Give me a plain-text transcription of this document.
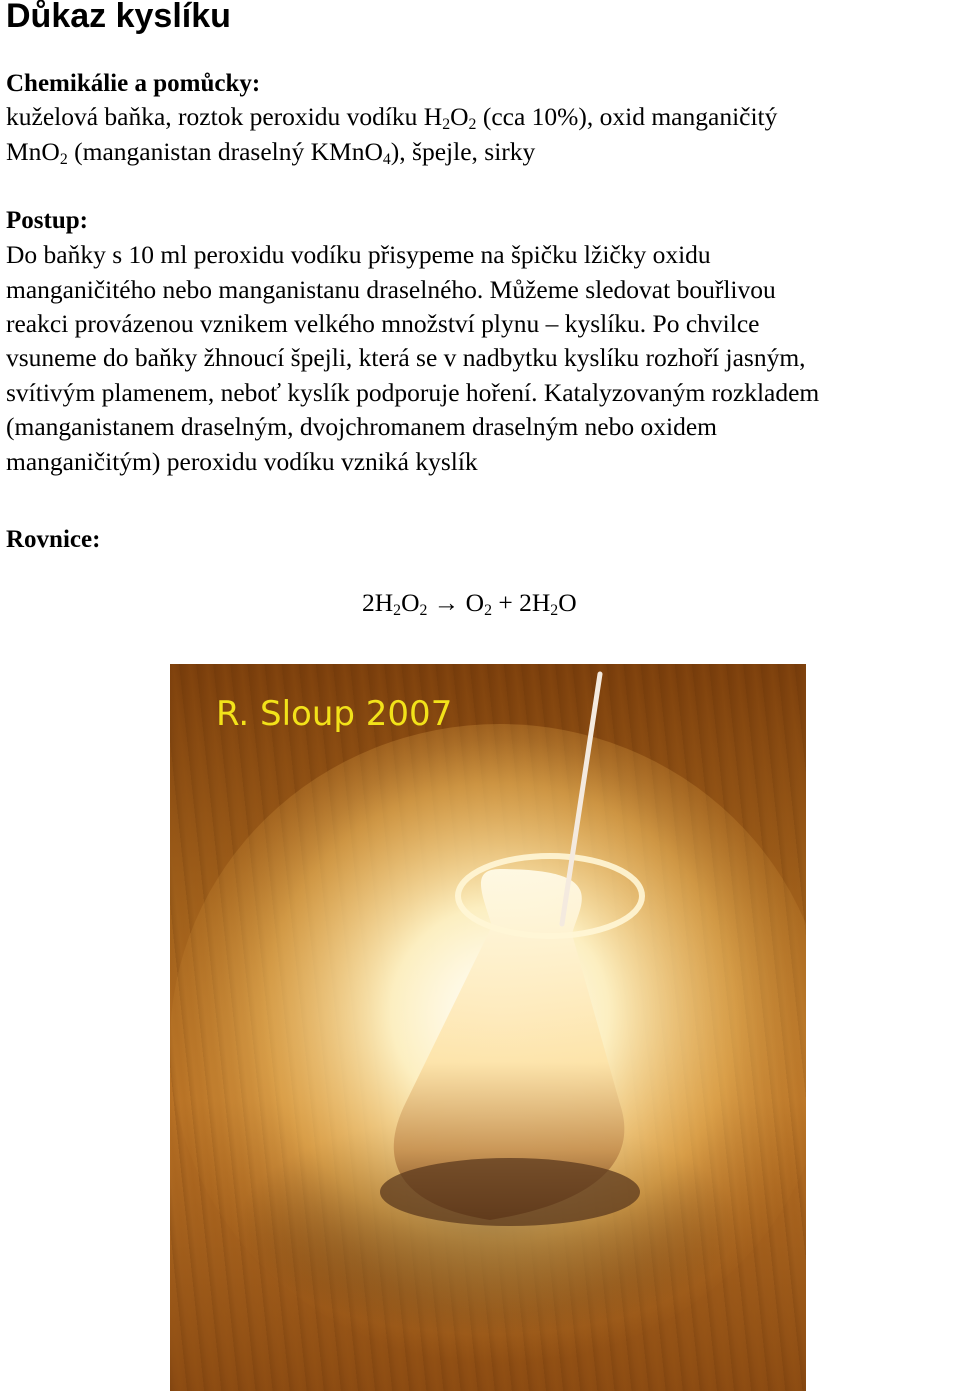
Důkaz kyslíku
Chemikálie a pomůcky:
kuželová baňka, roztok peroxidu vodíku $H_2O_2$ (cca 10%), oxid manganičitý
MnO$_2$ (manganistan draselný KMnO$_4$), špejle, sirky
Postup:
Do baňky s 10 ml peroxidu vodíku přisypeme na špičku lžičky oxidu
manganičitého nebo manganistanu draselného. Můžeme sledovat bouřlivou
reakci provázenou vznikem velkého množství plynu – kyslíku. Po chvilce
vsuneme do baňky žhnoucí špejli, která se v nadbytku kyslíku rozhoří jasným,
svítivým plamenem, neboť kyslík podporuje hoření. Katalyzovaným rozkladem
(manganistanem draselným, dvojchromanem draselným nebo oxidem
manganičitým) peroxidu vodíku vzniká kyslík
Rovnice:
$2H_2O_2 \to O_2 + 2H_2O$
R. Sloup 2007
